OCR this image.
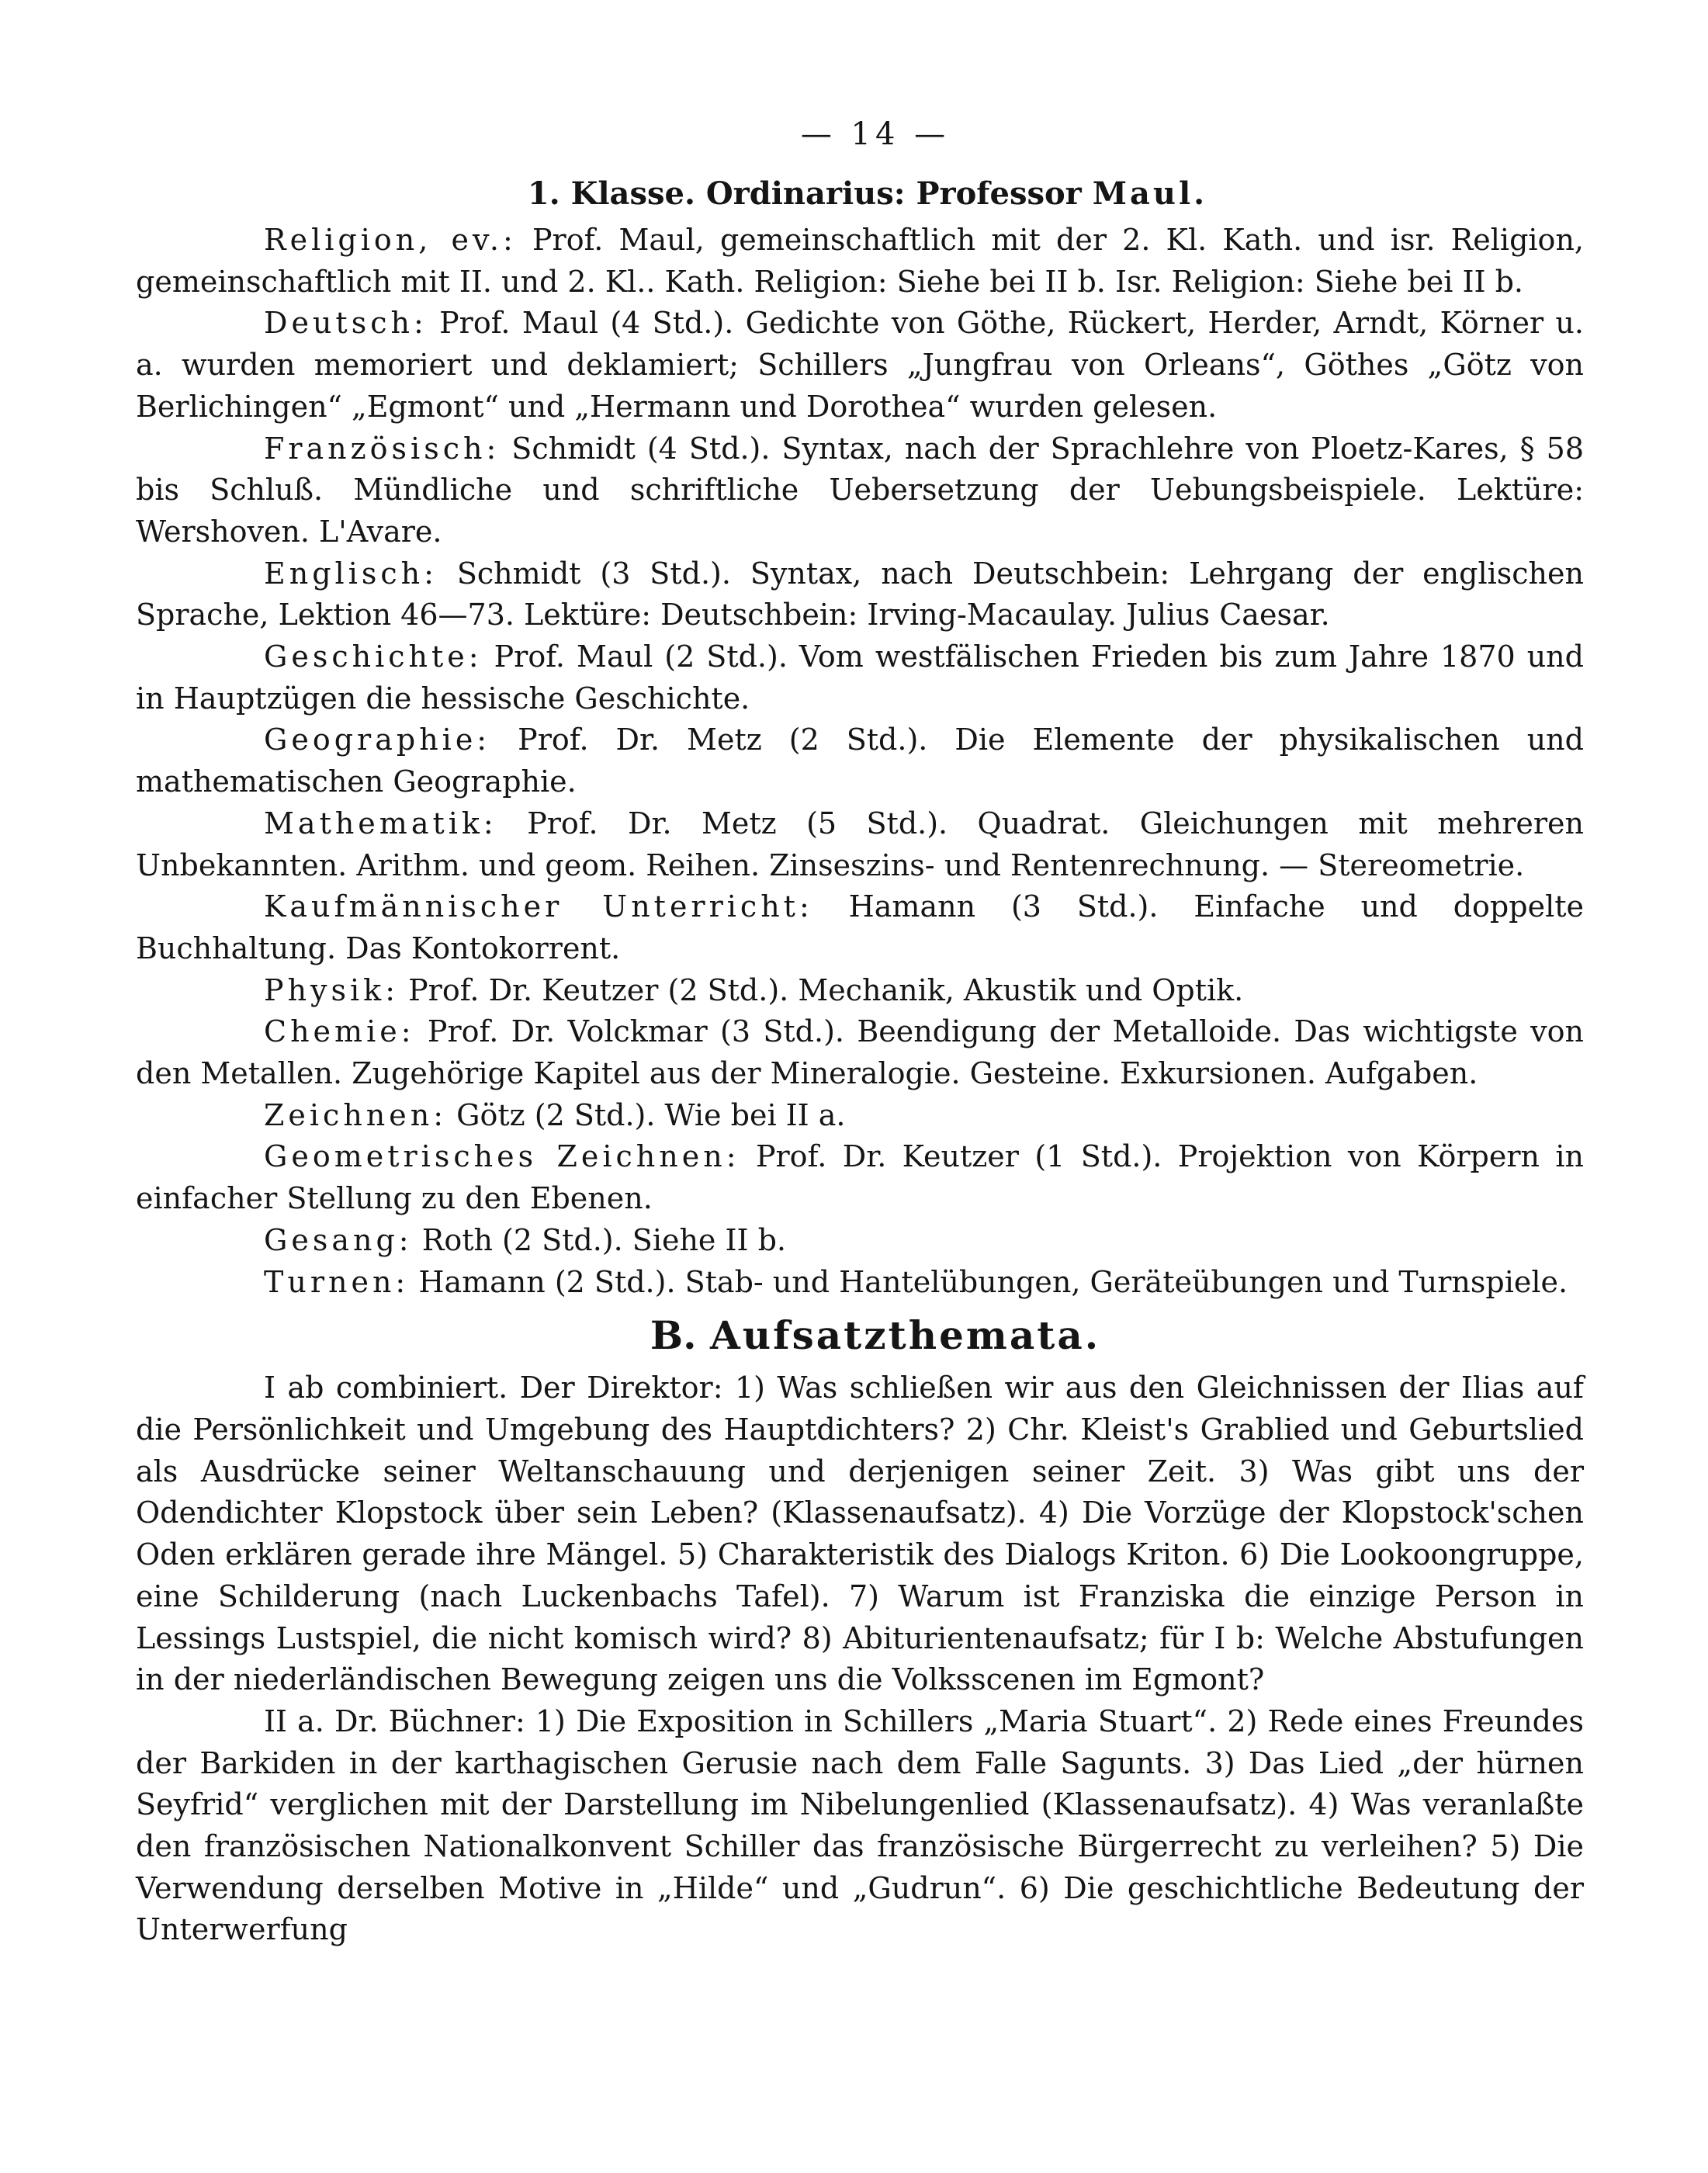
— 14 —
1. Klasse. Ordinarius: Professor Maul.

Religion, ev.: Prof. Maul, gemeinschaftlich mit der 2. Kl. Kath. und isr. Religion, gemeinschaftlich mit II. und 2. Kl.. Kath. Religion: Siehe bei II b. Isr. Religion: Siehe bei II b.

Deutsch: Prof. Maul (4 Std.). Gedichte von Göthe, Rückert, Herder, Arndt, Körner u. a. wurden memoriert und deklamiert; Schillers „Jungfrau von Orleans“, Göthes „Götz von Berlichingen“ „Egmont“ und „Hermann und Dorothea“ wurden gelesen.

Französisch: Schmidt (4 Std.). Syntax, nach der Sprachlehre von Ploetz-Kares, § 58 bis Schluß. Mündliche und schriftliche Uebersetzung der Uebungsbeispiele. Lektüre: Wershoven. L'Avare.

Englisch: Schmidt (3 Std.). Syntax, nach Deutschbein: Lehrgang der englischen Sprache, Lektion 46—73. Lektüre: Deutschbein: Irving-Macaulay. Julius Caesar.

Geschichte: Prof. Maul (2 Std.). Vom westfälischen Frieden bis zum Jahre 1870 und in Hauptzügen die hessische Geschichte.

Geographie: Prof. Dr. Metz (2 Std.). Die Elemente der physikalischen und mathematischen Geographie.

Mathematik: Prof. Dr. Metz (5 Std.). Quadrat. Gleichungen mit mehreren Unbekannten. Arithm. und geom. Reihen. Zinseszins- und Rentenrechnung. — Stereometrie.

Kaufmännischer Unterricht: Hamann (3 Std.). Einfache und doppelte Buchhaltung. Das Kontokorrent.

Physik: Prof. Dr. Keutzer (2 Std.). Mechanik, Akustik und Optik.

Chemie: Prof. Dr. Volckmar (3 Std.). Beendigung der Metalloide. Das wichtigste von den Metallen. Zugehörige Kapitel aus der Mineralogie. Gesteine. Exkursionen. Aufgaben.

Zeichnen: Götz (2 Std.). Wie bei II a.

Geometrisches Zeichnen: Prof. Dr. Keutzer (1 Std.). Projektion von Körpern in einfacher Stellung zu den Ebenen.

Gesang: Roth (2 Std.). Siehe II b.

Turnen: Hamann (2 Std.). Stab- und Hantelübungen, Geräteübungen und Turnspiele.

B. Aufsatzthemata.

I ab combiniert. Der Direktor: 1) Was schließen wir aus den Gleichnissen der Ilias auf die Persönlichkeit und Umgebung des Hauptdichters? 2) Chr. Kleist's Grablied und Geburtslied als Ausdrücke seiner Weltanschauung und derjenigen seiner Zeit. 3) Was gibt uns der Odendichter Klopstock über sein Leben? (Klassenaufsatz). 4) Die Vorzüge der Klopstock'schen Oden erklären gerade ihre Mängel. 5) Charakteristik des Dialogs Kriton. 6) Die Lookoongruppe, eine Schilderung (nach Luckenbachs Tafel). 7) Warum ist Franziska die einzige Person in Lessings Lustspiel, die nicht komisch wird? 8) Abiturientenaufsatz; für I b: Welche Abstufungen in der niederländischen Bewegung zeigen uns die Volksscenen im Egmont?

II a. Dr. Büchner: 1) Die Exposition in Schillers „Maria Stuart“. 2) Rede eines Freundes der Barkiden in der karthagischen Gerusie nach dem Falle Sagunts. 3) Das Lied „der hürnen Seyfrid“ verglichen mit der Darstellung im Nibelungenlied (Klassenaufsatz). 4) Was veranlaßte den französischen Nationalkonvent Schiller das französische Bürgerrecht zu verleihen? 5) Die Verwendung derselben Motive in „Hilde“ und „Gudrun“. 6) Die geschichtliche Bedeutung der Unterwerfung
